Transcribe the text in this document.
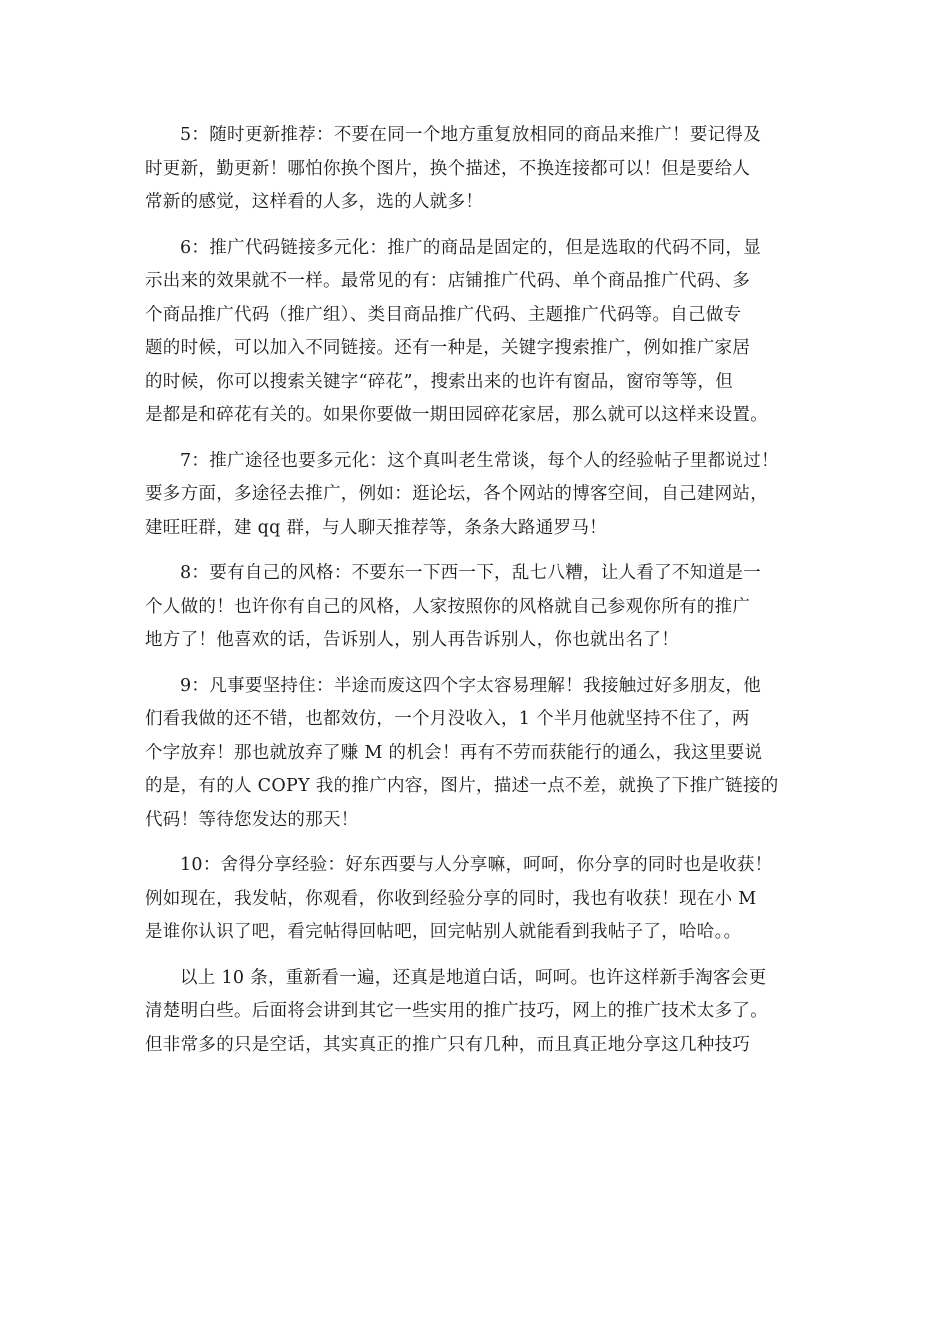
5：随时更新推荐：不要在同一个地方重复放相同的商品来推广！要记得及
时更新，勤更新！哪怕你换个图片，换个描述，不换连接都可以！但是要给人
常新的感觉，这样看的人多，选的人就多！

6：推广代码链接多元化：推广的商品是固定的，但是选取的代码不同，显
示出来的效果就不一样。最常见的有：店铺推广代码、单个商品推广代码、多
个商品推广代码（推广组）、类目商品推广代码、主题推广代码等。自己做专
题的时候，可以加入不同链接。还有一种是，关键字搜索推广，例如推广家居
的时候，你可以搜索关键字“碎花”，搜索出来的也许有窗品，窗帘等等，但
是都是和碎花有关的。如果你要做一期田园碎花家居，那么就可以这样来设置。

7：推广途径也要多元化：这个真叫老生常谈，每个人的经验帖子里都说过！
要多方面，多途径去推广，例如：逛论坛，各个网站的博客空间，自己建网站，
建旺旺群，建 qq 群，与人聊天推荐等，条条大路通罗马！

8：要有自己的风格：不要东一下西一下，乱七八糟，让人看了不知道是一
个人做的！也许你有自己的风格，人家按照你的风格就自己参观你所有的推广
地方了！他喜欢的话，告诉别人，别人再告诉别人，你也就出名了！

9：凡事要坚持住：半途而废这四个字太容易理解！我接触过好多朋友，他
们看我做的还不错，也都效仿，一个月没收入，1 个半月他就坚持不住了，两
个字放弃！那也就放弃了赚 M 的机会！再有不劳而获能行的通么，我这里要说
的是，有的人 COPY 我的推广内容，图片，描述一点不差，就换了下推广链接的
代码！等待您发达的那天！

10：舍得分享经验：好东西要与人分享嘛，呵呵，你分享的同时也是收获！
例如现在，我发帖，你观看，你收到经验分享的同时，我也有收获！现在小 M
是谁你认识了吧，看完帖得回帖吧，回完帖别人就能看到我帖子了，哈哈。。

以上 10 条，重新看一遍，还真是地道白话，呵呵。也许这样新手淘客会更
清楚明白些。后面将会讲到其它一些实用的推广技巧，网上的推广技术太多了。
但非常多的只是空话，其实真正的推广只有几种，而且真正地分享这几种技巧
